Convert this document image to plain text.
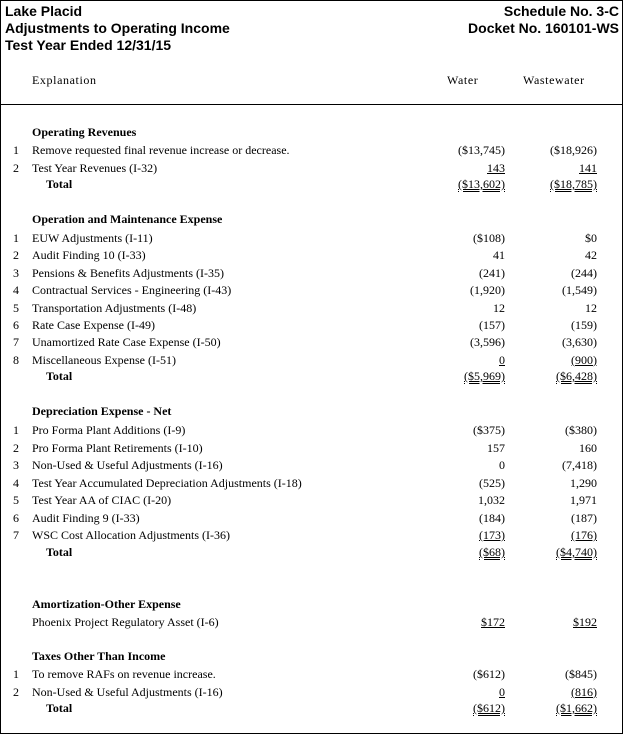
Lake Placid
Adjustments to Operating Income
Test Year Ended 12/31/15
Schedule No. 3-C
Docket No. 160101-WS
Explanation	Water	Wastewater
Operating Revenues
1 Remove requested final revenue increase or decrease.	($13,745)	($18,926)
2 Test Year Revenues (I-32)	143	141
Total	($13,602)	($18,785)
Operation and Maintenance Expense
1 EUW Adjustments (I-11)	($108)	$0
2 Audit Finding 10 (I-33)	41	42
3 Pensions & Benefits Adjustments (I-35)	(241)	(244)
4 Contractual Services - Engineering (I-43)	(1,920)	(1,549)
5 Transportation Adjustments (I-48)	12	12
6 Rate Case Expense (I-49)	(157)	(159)
7 Unamortized Rate Case Expense (I-50)	(3,596)	(3,630)
8 Miscellaneous Expense (I-51)	0	(900)
Total	($5,969)	($6,428)
Depreciation Expense - Net
1 Pro Forma Plant Additions (I-9)	($375)	($380)
2 Pro Forma Plant Retirements (I-10)	157	160
3 Non-Used & Useful Adjustments (I-16)	0	(7,418)
4 Test Year Accumulated Depreciation Adjustments (I-18)	(525)	1,290
5 Test Year AA of CIAC (I-20)	1,032	1,971
6 Audit Finding 9 (I-33)	(184)	(187)
7 WSC Cost Allocation Adjustments (I-36)	(173)	(176)
Total	($68)	($4,740)
Amortization-Other Expense
Phoenix Project Regulatory Asset (I-6)	$172	$192
Taxes Other Than Income
1 To remove RAFs on revenue increase.	($612)	($845)
2 Non-Used & Useful Adjustments (I-16)	0	(816)
Total	($612)	($1,662)
